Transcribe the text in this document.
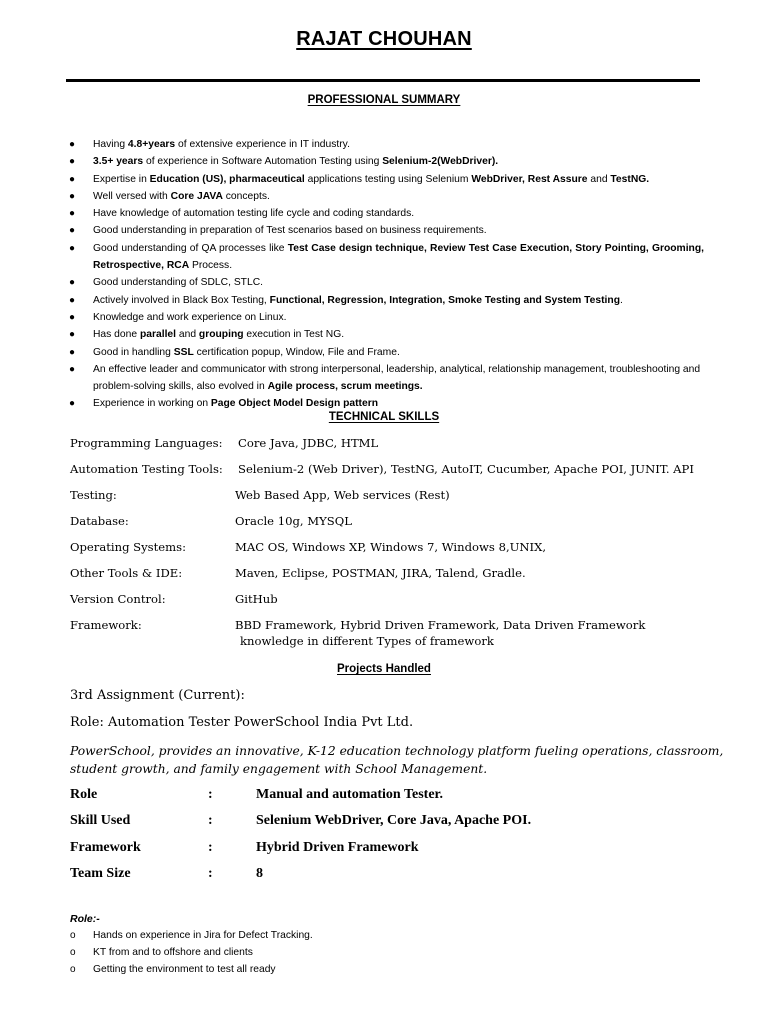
RAJAT CHOUHAN
PROFESSIONAL SUMMARY
● Having 4.8+years of extensive experience in IT industry.
● 3.5+ years of experience in Software Automation Testing using Selenium-2(WebDriver).
● Expertise in Education (US), pharmaceutical applications testing using Selenium WebDriver, Rest Assure and TestNG.
● Well versed with Core JAVA concepts.
● Have knowledge of automation testing life cycle and coding standards.
● Good understanding in preparation of Test scenarios based on business requirements.
● Good understanding of QA processes like Test Case design technique, Review Test Case Execution, Story Pointing, Grooming, Retrospective, RCA Process.
● Good understanding of SDLC, STLC.
● Actively involved in Black Box Testing, Functional, Regression, Integration, Smoke Testing and System Testing.
● Knowledge and work experience on Linux.
● Has done parallel and grouping execution in Test NG.
● Good in handling SSL certification popup, Window, File and Frame.
● An effective leader and communicator with strong interpersonal, leadership, analytical, relationship management, troubleshooting and problem-solving skills, also evolved in Agile process, scrum meetings.
● Experience in working on Page Object Model Design pattern
TECHNICAL SKILLS
Programming Languages: Core Java, JDBC, HTML
Automation Testing Tools: Selenium-2 (Web Driver), TestNG, AutoIT, Cucumber, Apache POI, JUNIT. API
Testing:	Web Based App, Web services (Rest)
Database:	Oracle 10g, MYSQL
Operating Systems:	MAC OS, Windows XP, Windows 7, Windows 8,UNIX,
Other Tools & IDE:	Maven, Eclipse, POSTMAN, JIRA, Talend, Gradle.
Version Control:	GitHub
Framework:	BBD Framework, Hybrid Driven Framework, Data Driven Framework
knowledge in different Types of framework
Projects Handled
3rd Assignment (Current):
Role: Automation Tester PowerSchool India Pvt Ltd.
PowerSchool, provides an innovative, K-12 education technology platform fueling operations, classroom, student growth, and family engagement with School Management.
Role	:	Manual and automation Tester.
Skill Used	:	Selenium WebDriver, Core Java, Apache POI.
Framework	:	Hybrid Driven Framework
Team Size	:	8
Role:-
o Hands on experience in Jira for Defect Tracking.
o KT from and to offshore and clients
o Getting the environment to test all ready
